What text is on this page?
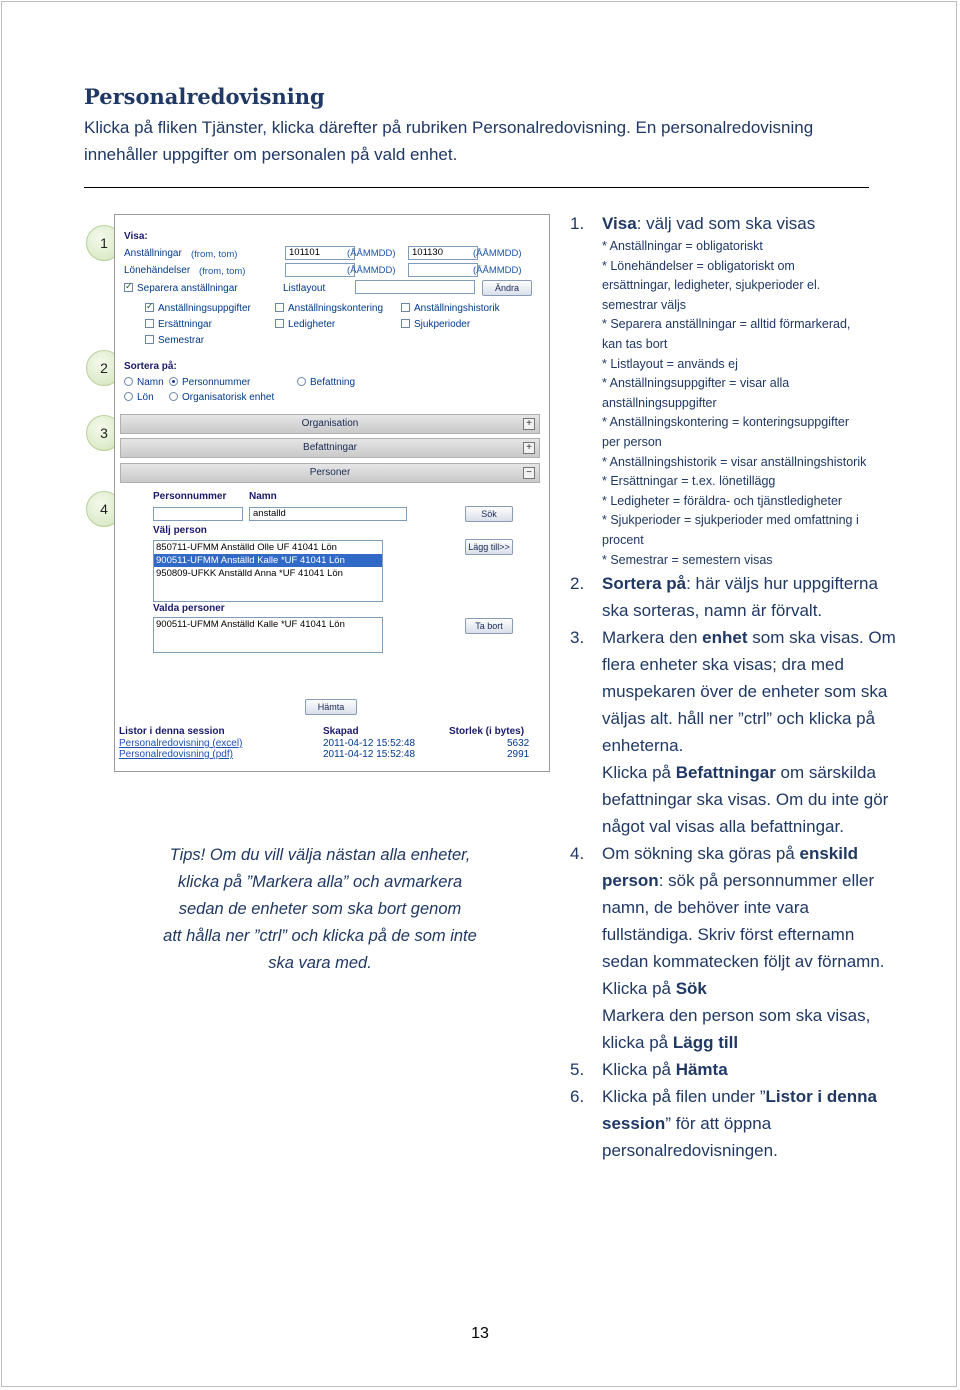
Personalredovisning
Klicka på fliken Tjänster, klicka därefter på rubriken Personalredovisning. En personalredovisning innehåller uppgifter om personalen på vald enhet.
1
2
3
4
Visa:
Anställningar (from, tom)	101101	(ÅÅMMDD)	101130	(ÅÅMMDD)
Lönehändelser (from, tom)	(ÅÅMMDD)	(ÅÅMMDD)
✓Separera anställningar	Listlayout	Ändra
✓Anställningsuppgifter	Anställningskontering	Anställningshistorik
Ersättningar	Ledigheter	Sjukperioder
Semestrar
Sortera på:
Namn	Personnummer	Befattning
Lön	Organisatorisk enhet
Organisation	+
Befattningar	+
Personer	−
Personnummer Namn
anstalld	Sök
Välj person
850711-UFMM Anställd Olle UF 41041 Lön
900511-UFMM Anställd Kalle *UF 41041 Lön
950809-UFKK Anställd Anna *UF 41041 Lön
Lägg till>>
Valda personer
900511-UFMM Anställd Kalle *UF 41041 Lön	Ta bort
Hämta
Listor i denna session	Skapad	Storlek (i bytes)
Personalredovisning (excel)	2011-04-12 15:52:48	5632
Personalredovisning (pdf)	2011-04-12 15:52:48	2991
Tips! Om du vill välja nästan alla enheter,
klicka på ”Markera alla” och avmarkera
sedan de enheter som ska bort genom
att hålla ner ”ctrl” och klicka på de som inte
ska vara med.
1. Visa: välj vad som ska visas
* Anställningar = obligatoriskt
* Lönehändelser = obligatoriskt om
ersättningar, ledigheter, sjukperioder el.
semestrar väljs
* Separera anställningar = alltid förmarkerad,
kan tas bort
* Listlayout = används ej
* Anställningsuppgifter = visar alla
anställningsuppgifter
* Anställningskontering = konteringsuppgifter
per person
* Anställningshistorik = visar anställningshistorik
* Ersättningar = t.ex. lönetillägg
* Ledigheter = föräldra- och tjänstledigheter
* Sjukperioder = sjukperioder med omfattning i
procent
* Semestrar = semestern visas
2. Sortera på: här väljs hur uppgifterna ska sorteras, namn är förvalt.
3. Markera den enhet som ska visas. Om flera enheter ska visas; dra med muspekaren över de enheter som ska väljas alt. håll ner ”ctrl” och klicka på enheterna.
Klicka på Befattningar om särskilda befattningar ska visas. Om du inte gör något val visas alla befattningar.
4. Om sökning ska göras på enskild person: sök på personnummer eller namn, de behöver inte vara fullständiga. Skriv först efternamn sedan kommatecken följt av förnamn.
Klicka på Sök
Markera den person som ska visas, klicka på Lägg till
5. Klicka på Hämta
6. Klicka på filen under ”Listor i denna session” för att öppna personalredovisningen.
13
